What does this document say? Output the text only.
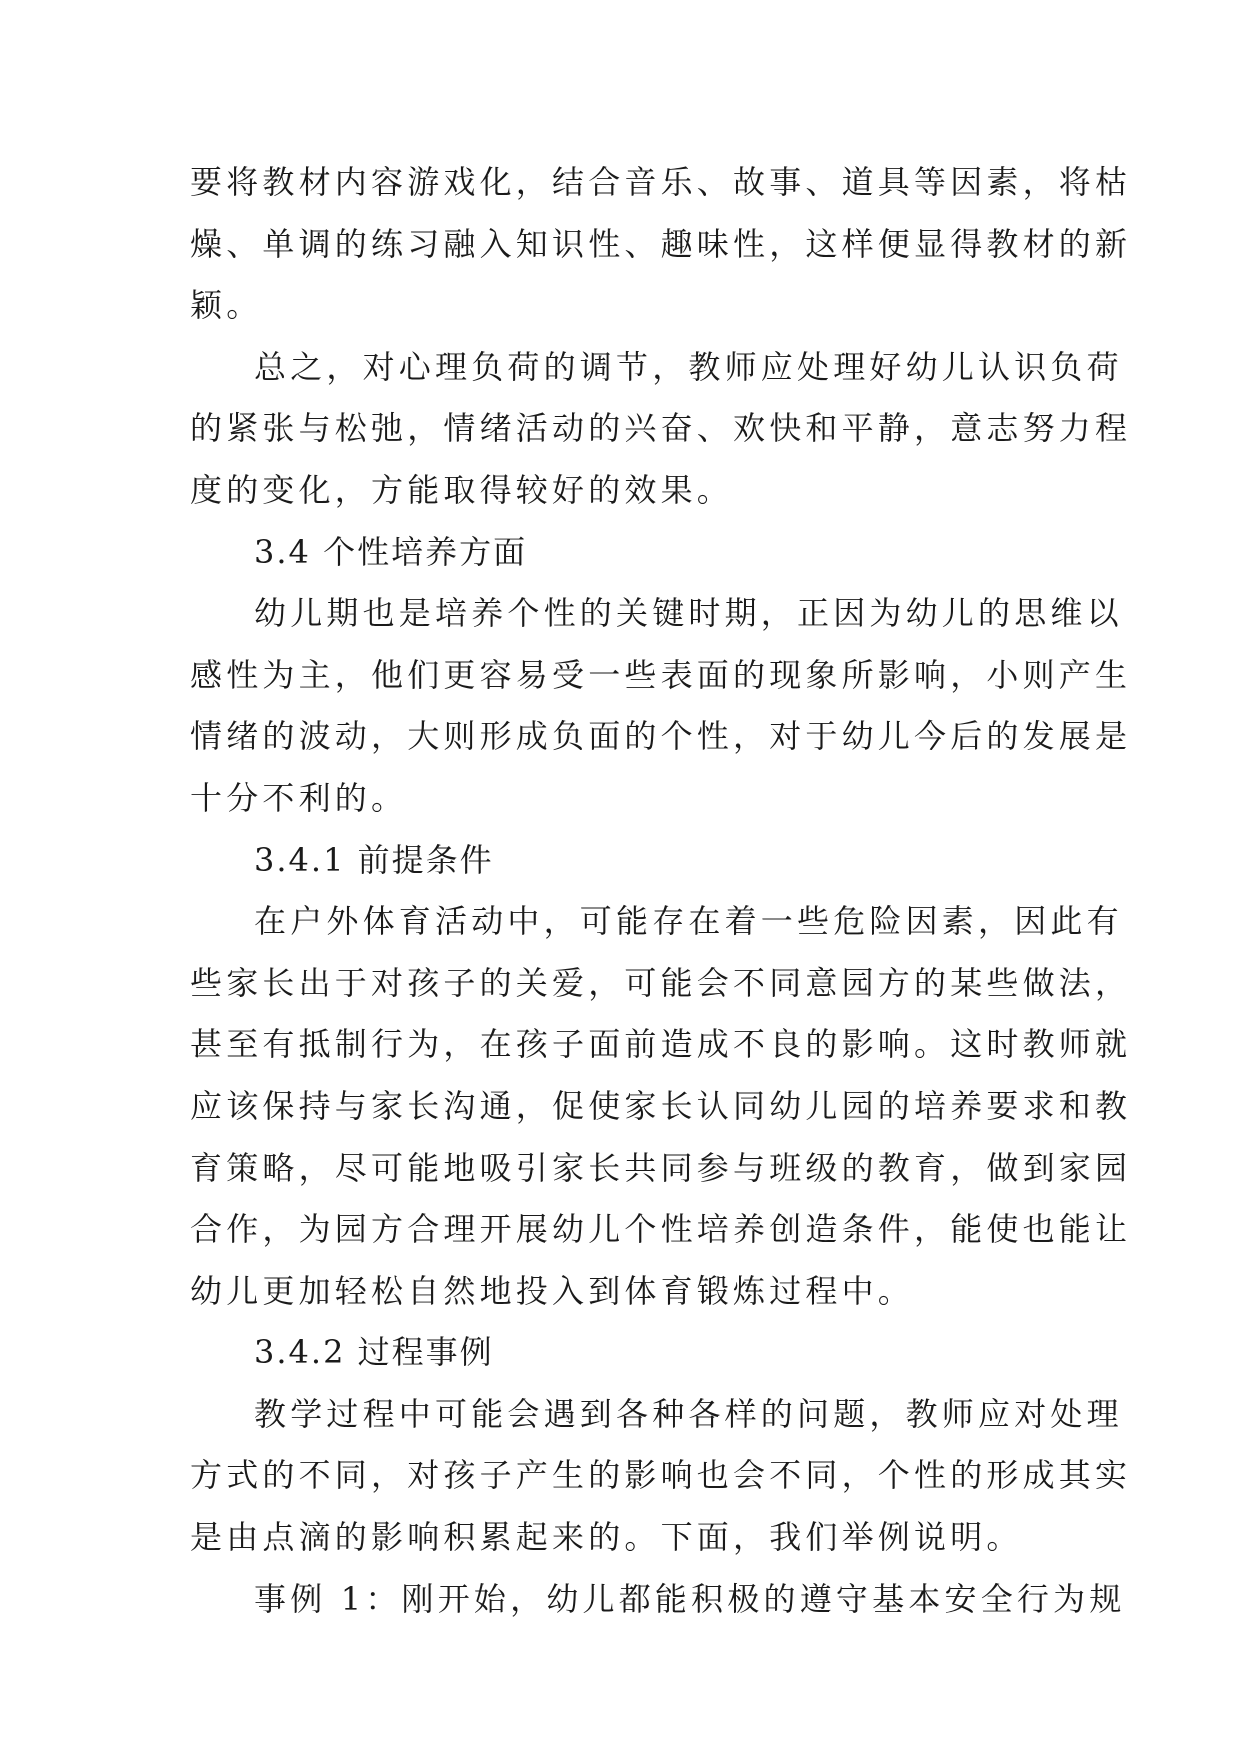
要将教材内容游戏化，结合音乐、故事、道具等因素，将枯
燥、单调的练习融入知识性、趣味性，这样便显得教材的新
颖。
总之，对心理负荷的调节，教师应处理好幼儿认识负荷
的紧张与松弛，情绪活动的兴奋、欢快和平静，意志努力程
度的变化，方能取得较好的效果。
3.4 个性培养方面
幼儿期也是培养个性的关键时期，正因为幼儿的思维以
感性为主，他们更容易受一些表面的现象所影响，小则产生
情绪的波动，大则形成负面的个性，对于幼儿今后的发展是
十分不利的。
3.4.1 前提条件
在户外体育活动中，可能存在着一些危险因素，因此有
些家长出于对孩子的关爱，可能会不同意园方的某些做法，
甚至有抵制行为，在孩子面前造成不良的影响。这时教师就
应该保持与家长沟通，促使家长认同幼儿园的培养要求和教
育策略，尽可能地吸引家长共同参与班级的教育，做到家园
合作，为园方合理开展幼儿个性培养创造条件，能使也能让
幼儿更加轻松自然地投入到体育锻炼过程中。
3.4.2 过程事例
教学过程中可能会遇到各种各样的问题，教师应对处理
方式的不同，对孩子产生的影响也会不同，个性的形成其实
是由点滴的影响积累起来的。下面，我们举例说明。
事例 1：刚开始，幼儿都能积极的遵守基本安全行为规
